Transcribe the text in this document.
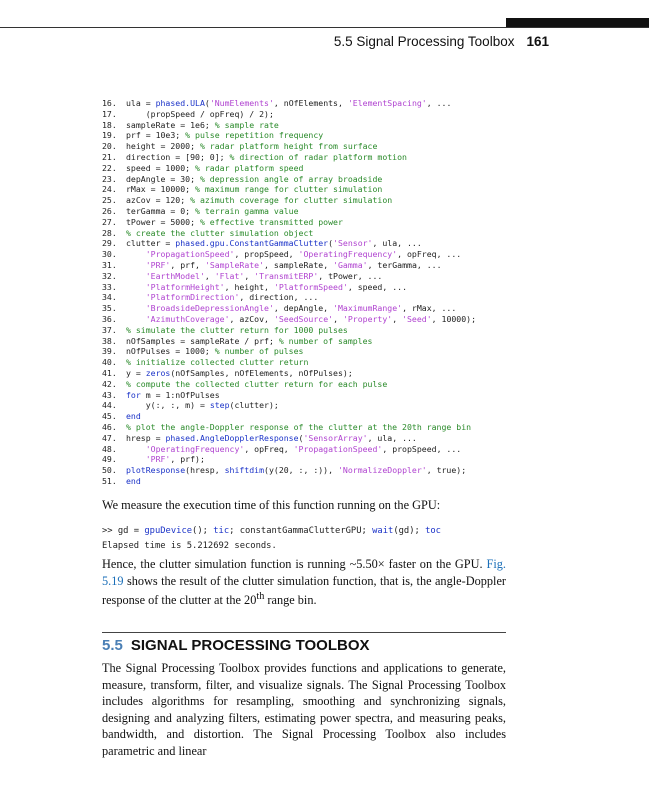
5.5 Signal Processing Toolbox 161
16. ula = phased.ULA('NumElements', nOfElements, 'ElementSpacing', ...
17.    (propSpeed / opFreq) / 2);
18. sampleRate = 1e6; % sample rate
19. prf = 10e3; % pulse repetition frequency
20. height = 2000; % radar platform height from surface
21. direction = [90; 0]; % direction of radar platform motion
22. speed = 1000; % radar platform speed
23. depAngle = 30; % depression angle of array broadside
24. rMax = 10000; % maximum range for clutter simulation
25. azCov = 120; % azimuth coverage for clutter simulation
26. terGamma = 0; % terrain gamma value
27. tPower = 5000; % effective transmitted power
28. % create the clutter simulation object
29. clutter = phased.gpu.ConstantGammaClutter('Sensor', ula, ...
30.	'PropagationSpeed', propSpeed, 'OperatingFrequency', opFreq, ...
31.	'PRF', prf, 'SampleRate', sampleRate, 'Gamma', terGamma, ...
32.	'EarthModel', 'Flat', 'TransmitERP', tPower, ...
33.	'PlatformHeight', height, 'PlatformSpeed', speed, ...
34.	'PlatformDirection', direction, ...
35.	'BroadsideDepressionAngle', depAngle, 'MaximumRange', rMax, ...
36.	'AzimuthCoverage', azCov, 'SeedSource', 'Property', 'Seed', 10000);
37. % simulate the clutter return for 1000 pulses
38. nOfSamples = sampleRate / prf; % number of samples
39. nOfPulses = 1000; % number of pulses
40. % initialize collected clutter return
41. y = zeros(nOfSamples, nOfElements, nOfPulses);
42. % compute the collected clutter return for each pulse
43. for m = 1:nOfPulses
44.    y(:, :, m) = step(clutter);
45. end
46. % plot the angle-Doppler response of the clutter at the 20th range bin
47. hresp = phased.AngleDopplerResponse('SensorArray', ula, ...
48.	'OperatingFrequency', opFreq, 'PropagationSpeed', propSpeed, ...
49.	'PRF', prf);
50. plotResponse(hresp, shiftdim(y(20, :, :)), 'NormalizeDoppler', true);
51. end
We measure the execution time of this function running on the GPU:
>> gd = gpuDevice(); tic; constantGammaClutterGPU; wait(gd); toc
Elapsed time is 5.212692 seconds.
Hence, the clutter simulation function is running ~5.50× faster on the GPU. Fig. 5.19 shows the result of the clutter simulation function, that is, the angle-Doppler response of the clutter at the 20th range bin.
5.5 SIGNAL PROCESSING TOOLBOX
The Signal Processing Toolbox provides functions and applications to generate, measure, transform, filter, and visualize signals. The Signal Processing Toolbox includes algorithms for resampling, smoothing and synchronizing signals, designing and analyzing filters, estimating power spectra, and measuring peaks, bandwidth, and distortion. The Signal Processing Toolbox also includes parametric and linear
